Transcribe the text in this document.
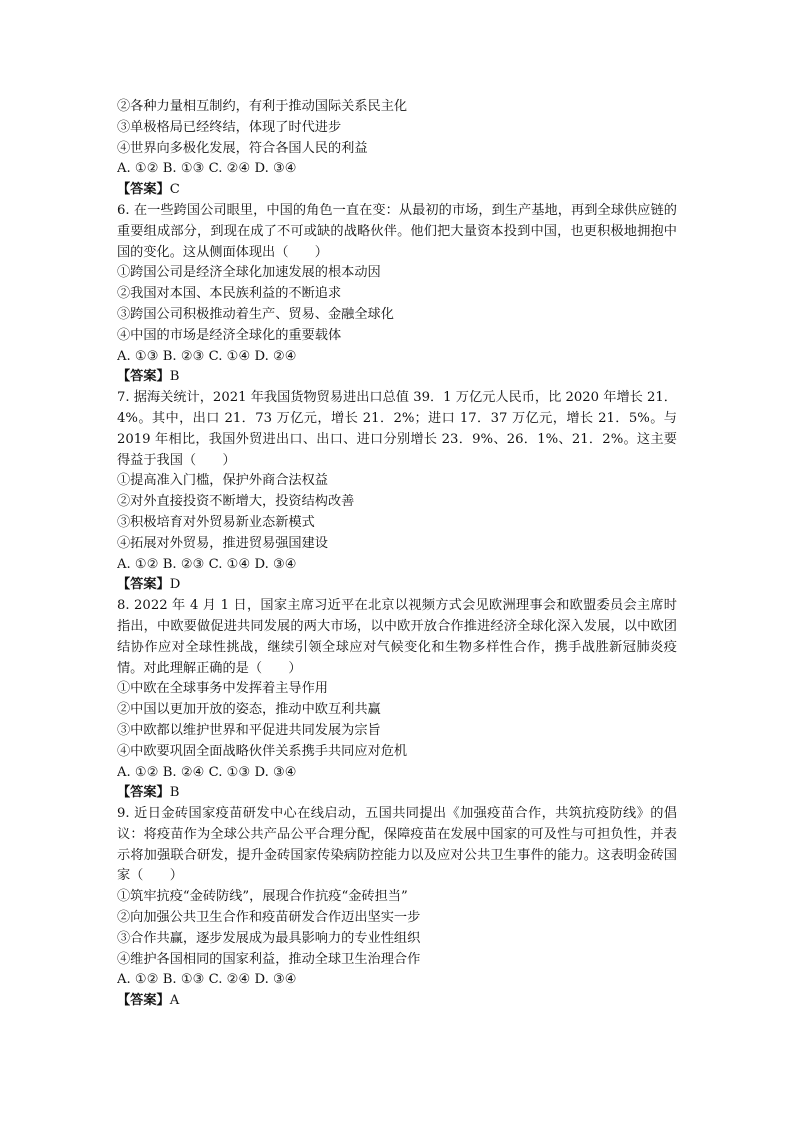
②各种力量相互制约，有利于推动国际关系民主化
③单极格局已经终结，体现了时代进步
④世界向多极化发展，符合各国人民的利益
A. ①② B. ①③ C. ②④ D. ③④
【答案】C
6. 在一些跨国公司眼里，中国的角色一直在变：从最初的市场，到生产基地，再到全球供应链的重要组成部分，到现在成了不可或缺的战略伙伴。他们把大量资本投到中国，也更积极地拥抱中国的变化。这从侧面体现出（　　）
①跨国公司是经济全球化加速发展的根本动因
②我国对本国、本民族利益的不断追求
③跨国公司积极推动着生产、贸易、金融全球化
④中国的市场是经济全球化的重要载体
A. ①③ B. ②③ C. ①④ D. ②④
【答案】B
7. 据海关统计，2021 年我国货物贸易进出口总值 39．1 万亿元人民币，比 2020 年增长 21．4%。其中，出口 21．73 万亿元，增长 21．2%；进口 17．37 万亿元，增长 21．5%。与 2019 年相比，我国外贸进出口、出口、进口分别增长 23．9%、26．1%、21．2%。这主要得益于我国（　　）
①提高准入门槛，保护外商合法权益
②对外直接投资不断增大，投资结构改善
③积极培育对外贸易新业态新模式
④拓展对外贸易，推进贸易强国建设
A. ①② B. ②③ C. ①④ D. ③④
【答案】D
8. 2022 年 4 月 1 日，国家主席习近平在北京以视频方式会见欧洲理事会和欧盟委员会主席时指出，中欧要做促进共同发展的两大市场，以中欧开放合作推进经济全球化深入发展，以中欧团结协作应对全球性挑战，继续引领全球应对气候变化和生物多样性合作，携手战胜新冠肺炎疫情。对此理解正确的是（　　）
①中欧在全球事务中发挥着主导作用
②中国以更加开放的姿态，推动中欧互利共赢
③中欧都以维护世界和平促进共同发展为宗旨
④中欧要巩固全面战略伙伴关系携手共同应对危机
A. ①② B. ②④ C. ①③ D. ③④
【答案】B
9. 近日金砖国家疫苗研发中心在线启动，五国共同提出《加强疫苗合作，共筑抗疫防线》的倡议：将疫苗作为全球公共产品公平合理分配，保障疫苗在发展中国家的可及性与可担负性，并表示将加强联合研发，提升金砖国家传染病防控能力以及应对公共卫生事件的能力。这表明金砖国家（　　）
①筑牢抗疫“金砖防线”，展现合作抗疫“金砖担当”
②向加强公共卫生合作和疫苗研发合作迈出坚实一步
③合作共赢，逐步发展成为最具影响力的专业性组织
④维护各国相同的国家利益，推动全球卫生治理合作
A. ①② B. ①③ C. ②④ D. ③④
【答案】A
